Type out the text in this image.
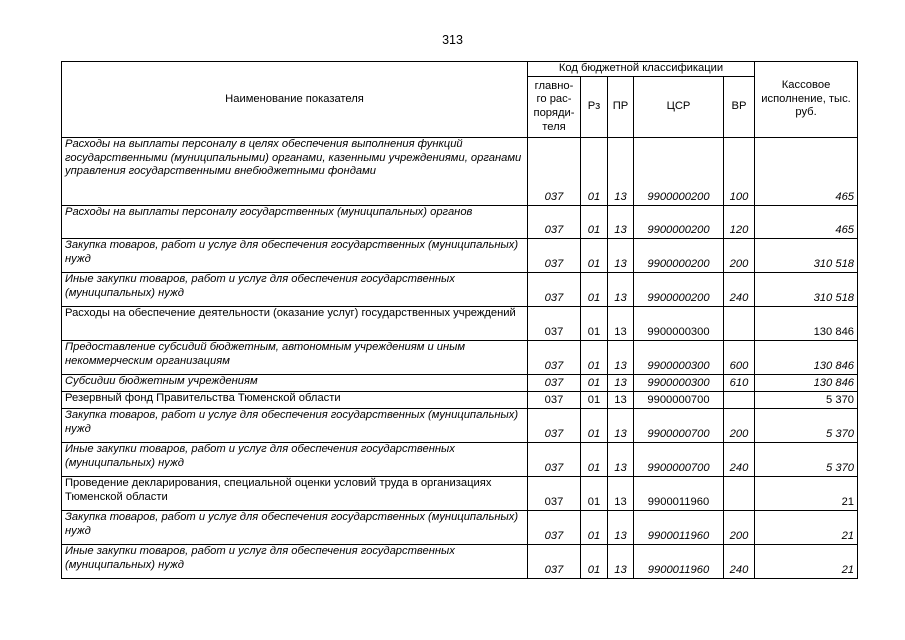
313
Наименование показателя	Код бюджетной классификации					Кассовое исполнение, тыс. руб.
	главно-го рас-поряди-теля	Рз	ПР	ЦСР	ВР	
Расходы на выплаты персоналу в целях обеспечения выполнения функций государственными (муниципальными) органами, казенными учреждениями, органами управления государственными внебюджетными фондами	037	01	13	9900000200	100	465
Расходы на выплаты персоналу государственных (муниципальных) органов	037	01	13	9900000200	120	465
Закупка товаров, работ и услуг для обеспечения государственных (муниципальных) нужд	037	01	13	9900000200	200	310 518
Иные закупки товаров, работ и услуг для обеспечения государственных (муниципальных) нужд	037	01	13	9900000200	240	310 518
Расходы на обеспечение деятельности (оказание услуг) государственных учреждений	037	01	13	9900000300		130 846
Предоставление субсидий бюджетным, автономным учреждениям и иным некоммерческим организациям	037	01	13	9900000300	600	130 846
Субсидии бюджетным учреждениям	037	01	13	9900000300	610	130 846
Резервный фонд Правительства Тюменской области	037	01	13	9900000700		5 370
Закупка товаров, работ и услуг для обеспечения государственных (муниципальных) нужд	037	01	13	9900000700	200	5 370
Иные закупки товаров, работ и услуг для обеспечения государственных (муниципальных) нужд	037	01	13	9900000700	240	5 370
Проведение декларирования, специальной оценки условий труда в организациях Тюменской области	037	01	13	9900011960		21
Закупка товаров, работ и услуг для обеспечения государственных (муниципальных) нужд	037	01	13	9900011960	200	21
Иные закупки товаров, работ и услуг для обеспечения государственных (муниципальных) нужд	037	01	13	9900011960	240	21
